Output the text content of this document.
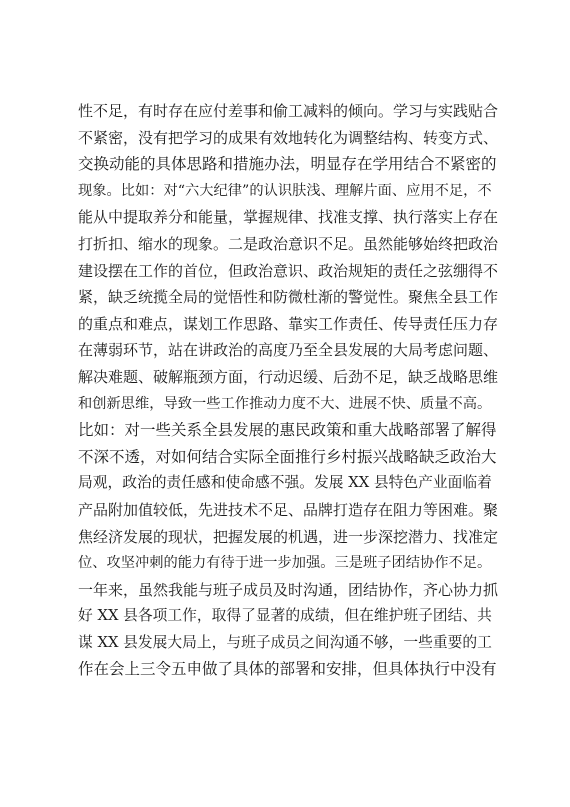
性不足，有时存在应付差事和偷工减料的倾向。学习与实践贴合
不紧密，没有把学习的成果有效地转化为调整结构、转变方式、
交换动能的具体思路和措施办法，明显存在学用结合不紧密的
现象。比如：对“六大纪律”的认识肤浅、理解片面、应用不足，不
能从中提取养分和能量，掌握规律、找准支撑、执行落实上存在
打折扣、缩水的现象。二是政治意识不足。虽然能够始终把政治
建设摆在工作的首位，但政治意识、政治规矩的责任之弦绷得不
紧，缺乏统揽全局的觉悟性和防微杜渐的警觉性。聚焦全县工作
的重点和难点，谋划工作思路、靠实工作责任、传导责任压力存
在薄弱环节，站在讲政治的高度乃至全县发展的大局考虑问题、
解决难题、破解瓶颈方面，行动迟缓、后劲不足，缺乏战略思维
和创新思维，导致一些工作推动力度不大、进展不快、质量不高。
比如：对一些关系全县发展的惠民政策和重大战略部署了解得
不深不透，对如何结合实际全面推行乡村振兴战略缺乏政治大
局观，政治的责任感和使命感不强。发展 XX 县特色产业面临着
产品附加值较低，先进技术不足、品牌打造存在阻力等困难。聚
焦经济发展的现状，把握发展的机遇，进一步深挖潜力、找准定
位、攻坚冲刺的能力有待于进一步加强。三是班子团结协作不足。
一年来，虽然我能与班子成员及时沟通，团结协作，齐心协力抓
好 XX 县各项工作，取得了显著的成绩，但在维护班子团结、共
谋 XX 县发展大局上，与班子成员之间沟通不够，一些重要的工
作在会上三令五申做了具体的部署和安排，但具体执行中没有
